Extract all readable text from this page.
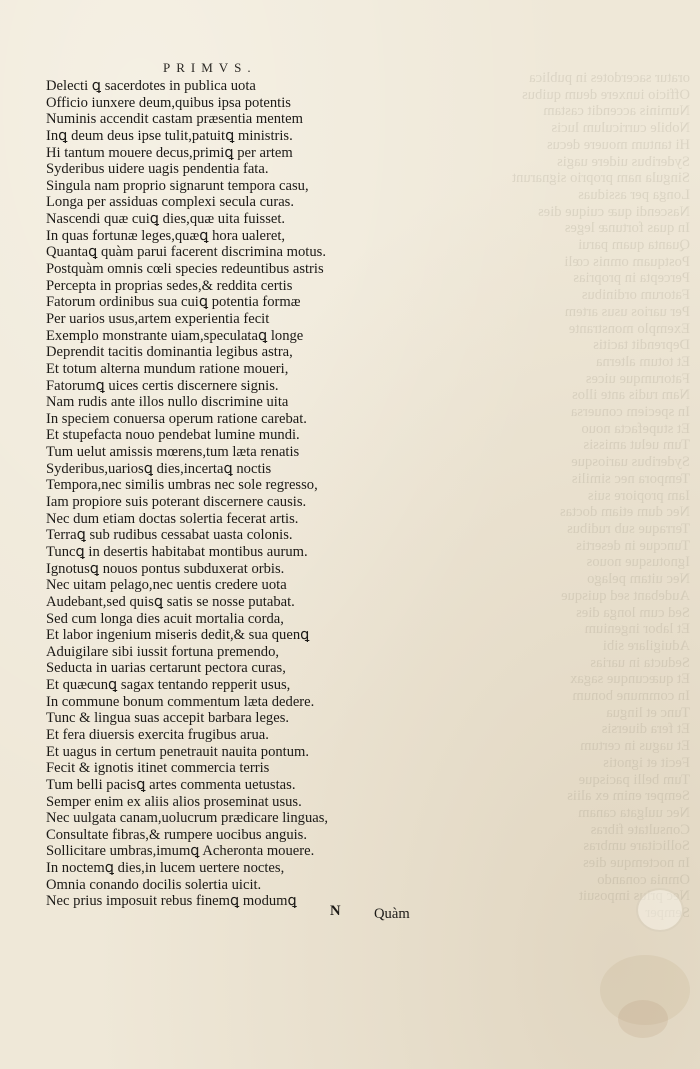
oratur sacerdotes in publica
Officio iunxere deum quibus
Numinis accendit castam
Nobile curriculum lucis
Hi tantum mouere decus
Syderibus uidere uagis
Singula nam proprio signarunt
Longa per assiduas
Nascendi quæ cuique dies
In quas fortunæ leges
Quanta quam parui
Postquam omnis cœli
Percepta in proprias
Fatorum ordinibus
Per uarios usus artem
Exemplo monstrante
Deprendit tacitis
Et totum alterna
Fatorumque uices
Nam rudis ante illos
In speciem conuersa
Et stupefacta nouo
Tum uelut amissis
Syderibus uariosque
Tempora nec similis
Iam propiore suis
Nec dum etiam doctas
Terraque sub rudibus
Tuncque in desertis
Ignotusque nouos
Nec uitam pelago
Audebant sed quisque
Sed cum longa dies
Et labor ingenium
Aduigilare sibi
Seducta in uarias
Et quæcunque sagax
In commune bonum
Tunc et lingua
Et fera diuersis
Et uagus in certum
Fecit et ignotis
Tum belli pacisque
Semper enim ex aliis
Nec uulgata canam
Consultate fibras
Sollicitare umbras
In noctemque dies
Omnia conando
Nec prius imposuit
Semper
PRIMVS.
Delecti ꝗ sacerdotes in publica uota
Officio iunxere deum,quibus ipsa potentis
Numinis accendit castam præsentia mentem
Inꝗ deum deus ipse tulit,patuitꝗ ministris.
Hi tantum mouere decus,primiꝗ per artem
Syderibus uidere uagis pendentia fata.
Singula nam proprio signarunt tempora casu,
Longa per assiduas complexi secula curas.
Nascendi quæ cuiꝗ dies,quæ uita fuisset.
In quas fortunæ leges,quæꝗ hora ualeret,
Quantaꝗ quàm parui facerent discrimina motus.
Postquàm omnis cœli species redeuntibus astris
Percepta in proprias sedes,& reddita certis
Fatorum ordinibus sua cuiꝗ potentia formæ
Per uarios usus,artem experientia fecit
Exemplo monstrante uiam,speculataꝗ longe
Deprendit tacitis dominantia legibus astra,
Et totum alterna mundum ratione moueri,
Fatorumꝗ uices certis discernere signis.
Nam rudis ante illos nullo discrimine uita
In speciem conuersa operum ratione carebat.
Et stupefacta nouo pendebat lumine mundi.
Tum uelut amissis mœrens,tum læta renatis
Syderibus,uariosꝗ dies,incertaꝗ noctis
Tempora,nec similis umbras nec sole regresso,
Iam propiore suis poterant discernere causis.
Nec dum etiam doctas solertia fecerat artis.
Terraꝗ sub rudibus cessabat uasta colonis.
Tuncꝗ in desertis habitabat montibus aurum.
Ignotusꝗ nouos pontus subduxerat orbis.
Nec uitam pelago,nec uentis credere uota
Audebant,sed quisꝗ satis se nosse putabat.
Sed cum longa dies acuit mortalia corda,
Et labor ingenium miseris dedit,& sua quenꝗ
Aduigilare sibi iussit fortuna premendo,
Seducta in uarias certarunt pectora curas,
Et quæcunꝗ sagax tentando repperit usus,
In commune bonum commentum læta dedere.
Tunc & lingua suas accepit barbara leges.
Et fera diuersis exercita frugibus arua.
Et uagus in certum penetrauit nauita pontum.
Fecit & ignotis itinet commercia terris
Tum belli pacisꝗ artes commenta uetustas.
Semper enim ex aliis alios proseminat usus.
Nec uulgata canam,uolucrum prædicare linguas,
Consultate fibras,& rumpere uocibus anguis.
Sollicitare umbras,imumꝗ Acheronta mouere.
In noctemꝗ dies,in lucem uertere noctes,
Omnia conando docilis solertia uicit.
Nec prius imposuit rebus finemꝗ modumꝗ
N Quàm
